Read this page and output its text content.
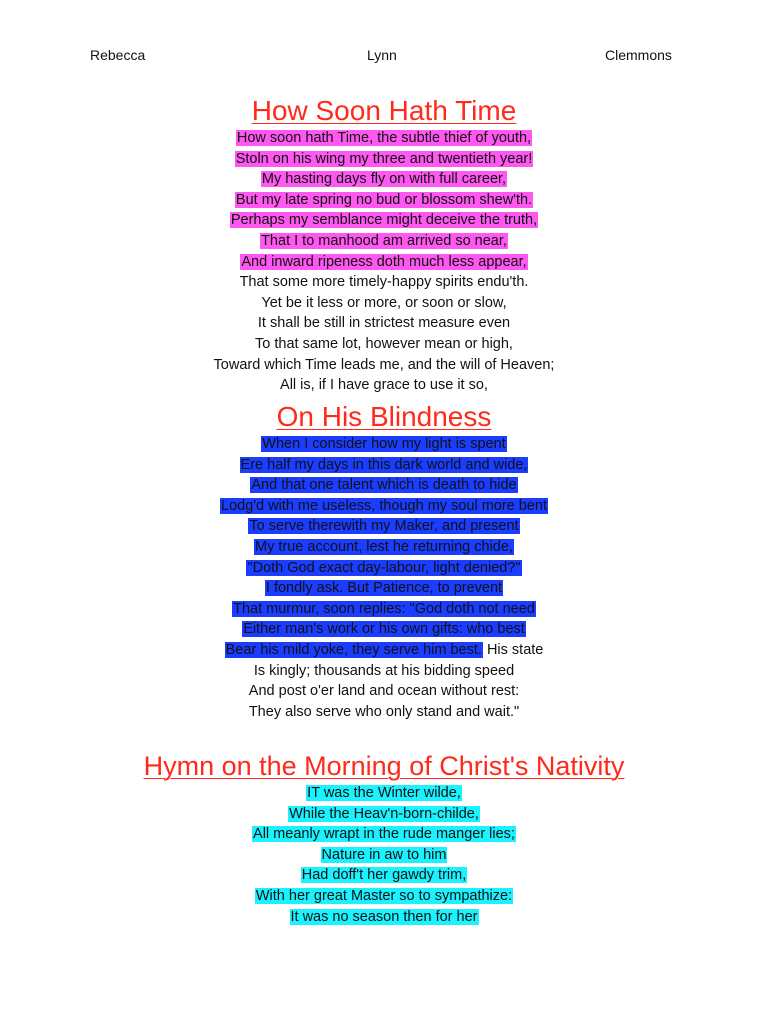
Rebecca	Lynn	Clemmons
How Soon Hath Time
How soon hath Time, the subtle thief of youth,
Stoln on his wing my three and twentieth year!
My hasting days fly on with full career,
But my late spring no bud or blossom shew'th.
Perhaps my semblance might deceive the truth,
That I to manhood am arrived so near,
And inward ripeness doth much less appear,
That some more timely-happy spirits endu'th.
Yet be it less or more, or soon or slow,
It shall be still in strictest measure even
To that same lot, however mean or high,
Toward which Time leads me, and the will of Heaven;
All is, if I have grace to use it so,
On His Blindness
When I consider how my light is spent
Ere half my days in this dark world and wide,
And that one talent which is death to hide
Lodg'd with me useless, though my soul more bent
To serve therewith my Maker, and present
My true account, lest he returning chide,
"Doth God exact day-labour, light denied?"
I fondly ask. But Patience, to prevent
That murmur, soon replies: "God doth not need
Either man's work or his own gifts: who best
Bear his mild yoke, they serve him best. His state
Is kingly; thousands at his bidding speed
And post o'er land and ocean without rest:
They also serve who only stand and wait."
Hymn on the Morning of Christ's Nativity
IT was the Winter wilde,
While the Heav'n-born-childe,
All meanly wrapt in the rude manger lies;
Nature in aw to him
Had doff't her gawdy trim,
With her great Master so to sympathize:
It was no season then for her
